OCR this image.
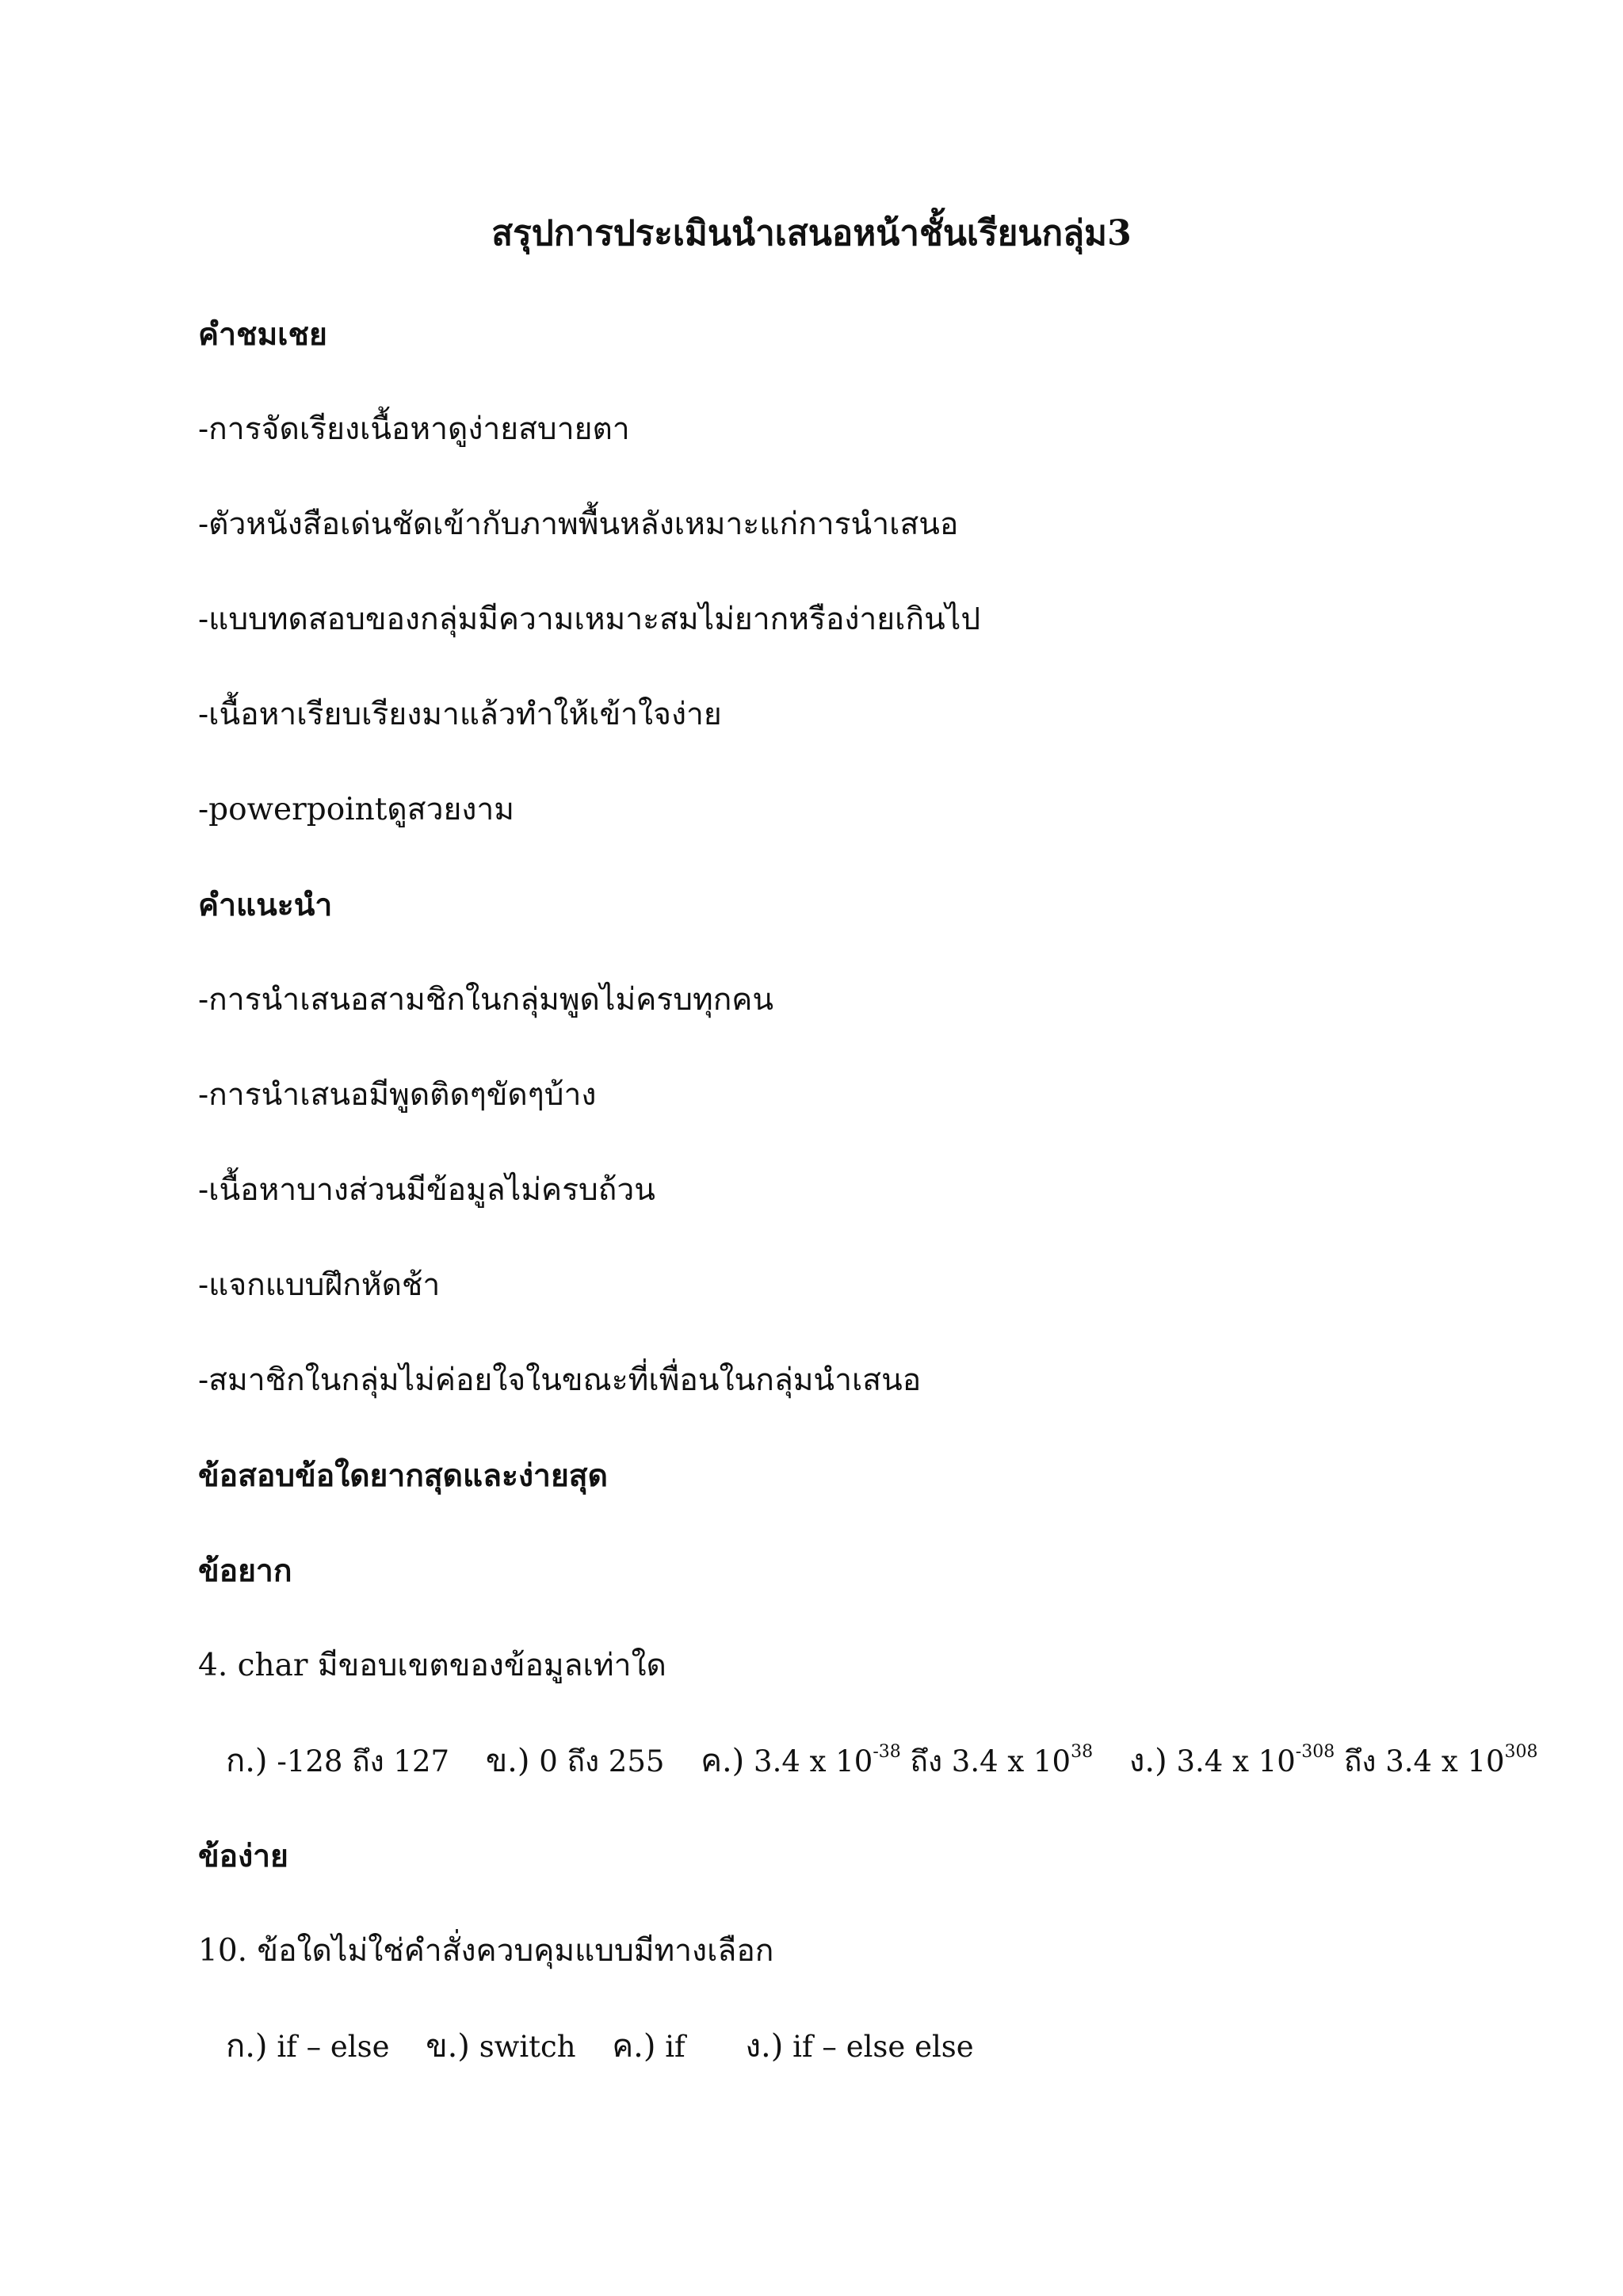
สรุปการประเมินนำเสนอหน้าชั้นเรียนกลุ่ม3
คำชมเชย
-การจัดเรียงเนื้อหาดูง่ายสบายตา
-ตัวหนังสือเด่นชัดเข้ากับภาพพื้นหลังเหมาะแก่การนำเสนอ
-แบบทดสอบของกลุ่มมีความเหมาะสมไม่ยากหรือง่ายเกินไป
-เนื้อหาเรียบเรียงมาแล้วทำให้เข้าใจง่าย
-powerpointดูสวยงาม
คำแนะนำ
-การนำเสนอสามชิกในกลุ่มพูดไม่ครบทุกคน
-การนำเสนอมีพูดติดๆขัดๆบ้าง
-เนื้อหาบางส่วนมีข้อมูลไม่ครบถ้วน
-แจกแบบฝึกหัดช้า
-สมาชิกในกลุ่มไม่ค่อยใจในขณะที่เพื่อนในกลุ่มนำเสนอ
ข้อสอบข้อใดยากสุดและง่ายสุด
ข้อยาก
4. char มีขอบเขตของข้อมูลเท่าใด
ก.) -128 ถึง 127 ข.) 0 ถึง 255 ค.) 3.4 x $10^{-38}$ ถึง 3.4 x $10^{38}$ ง.) 3.4 x $10^{-308}$ ถึง 3.4 x $10^{308}$
ข้อง่าย
10. ข้อใดไม่ใช่คำสั่งควบคุมแบบมีทางเลือก
ก.) if – else ข.) switch ค.) if ง.) if – else else
